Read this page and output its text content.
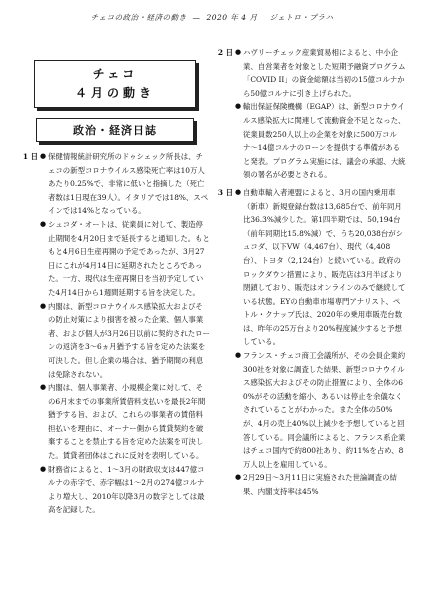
チェコの政治・経済の動き — 2020 年 4 月 ジェトロ・プラハ
チェコ
４月の動き
政治・経済日誌
1 日 ● 保健情報統計研究所のドゥシェック所長は、チェコの新型コロナウイルス感染死亡率は10万人あたり0.25%で、非常に低いと指摘した（死亡者数は1日現在39人）。イタリアでは18%、スペインでは14%となっている。
● シュコダ・オートは、従業員に対して、製造停止期間を4月20日まで延長すると通知した。もともと4月6日生産再開の予定であったが、3月27日にこれが4月14日に延期されたところであった。一方、現代は生産再開日を当初予定していた4月14日から1週間延期する旨を決定した。
● 内閣は、新型コロナウイルス感染拡大およびその防止対策により損害を被った企業、個人事業者、および個人が3月26日以前に契約されたローンの返済を3〜6ヵ月猶予する旨を定めた法案を可決した。但し企業の場合は、猶予期間の利息は免除されない。
● 内閣は、個人事業者、小規模企業に対して、その6月末までの事業所賃借料支払いを最長2年間猶予する旨、および、これらの事業者の賃借料担払いを理由に、オーナー側から賃貸契約を破棄することを禁止する旨を定めた法案を可決した。賃貸者団体はこれに反対を表明している。
● 財務省によると、1〜3月の財政収支は447億コルナの赤字で、赤字幅は1〜2月の274億コルナより増大し、2010年以降3月の数字としては最高を記録した。
2 日 ● ハヴリーチェック産業貿易相によると、中小企業、自営業者を対象とした短期予融資プログラム「COVID II」の資金総額は当初の15億コルナから50億コルナに引き上げられた。
● 輸出保証保険機構（EGAP）は、新型コロナウイルス感染拡大に関連して流動資金不足となった、従業員数250人以上の企業を対象に500万コルナ〜14億コルナのローンを提供する準備があると発表。プログラム実施には、議会の承認、大統領の署名が必要とされる。
3 日 ● 自動車輸入者連盟によると、3月の国内乗用車（新車）新規登録台数は13,685台で、前年同月比36.3%減少した。第1四半期では、50,194台（前年同期比15.8%減）で、うち20,038台がシュコダ、以下VW（4,467台）、現代（4,408台）、トヨタ（2,124台）と続いている。政府のロックダウン措置により、販売店は3月半ばより閉鎖しており、販売はオンラインのみで継続している状態。EYの自動車市場専門アナリスト、ペトル・クナップ氏は、2020年の乗用車販売台数は、昨年の25万台より20%程度減少すると予想している。
● フランス・チェコ商工会議所が、その会員企業約300社を対象に調査した結果、新型コロナウイルス感染拡大およびその防止措置により、全体の60%がその活動を縮小、あるいは停止を余儀なくされていることがわかった。また全体の50%が、4月の売上40%以上減少を予想していると回答している。同会議所によると、フランス系企業はチェコ国内で約800社あり、約11%を占め、8万人以上を雇用している。
● 2月29日〜3月11日に実施された世論調査の結果、内閣支持率は45%
